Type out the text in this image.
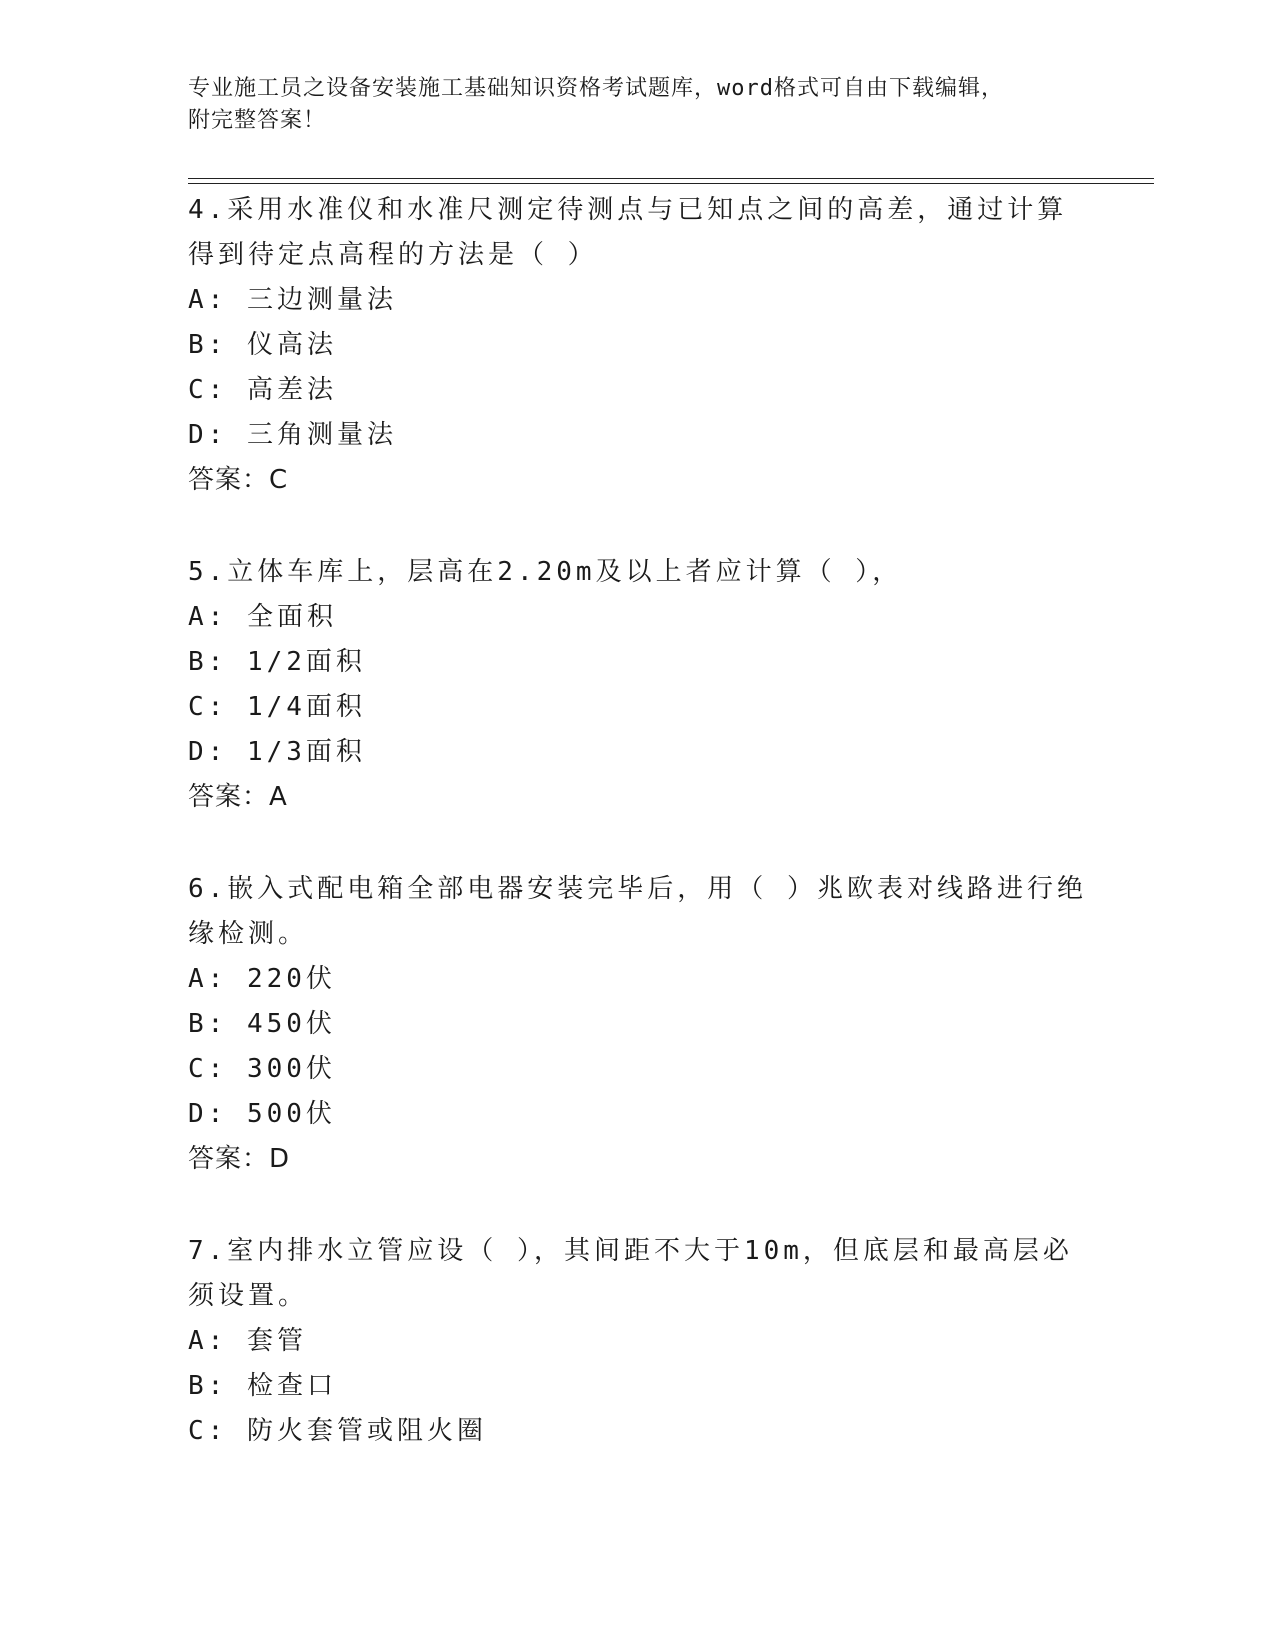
专业施工员之设备安装施工基础知识资格考试题库，word格式可自由下载编辑，
附完整答案！

4.采用水准仪和水准尺测定待测点与已知点之间的高差，通过计算得到待定点高程的方法是（ ）

A: 三边测量法

B: 仪高法

C: 高差法

D: 三角测量法

答案：C

5.立体车库上，层高在2.20m及以上者应计算（ ），

A: 全面积

B: 1/2面积

C: 1/4面积

D: 1/3面积

答案：A

6.嵌入式配电箱全部电器安装完毕后，用（ ）兆欧表对线路进行绝缘检测。

A: 220伏

B: 450伏

C: 300伏

D: 500伏

答案：D

7.室内排水立管应设（ ），其间距不大于10m，但底层和最高层必须设置。

A: 套管

B: 检查口

C: 防火套管或阻火圈
